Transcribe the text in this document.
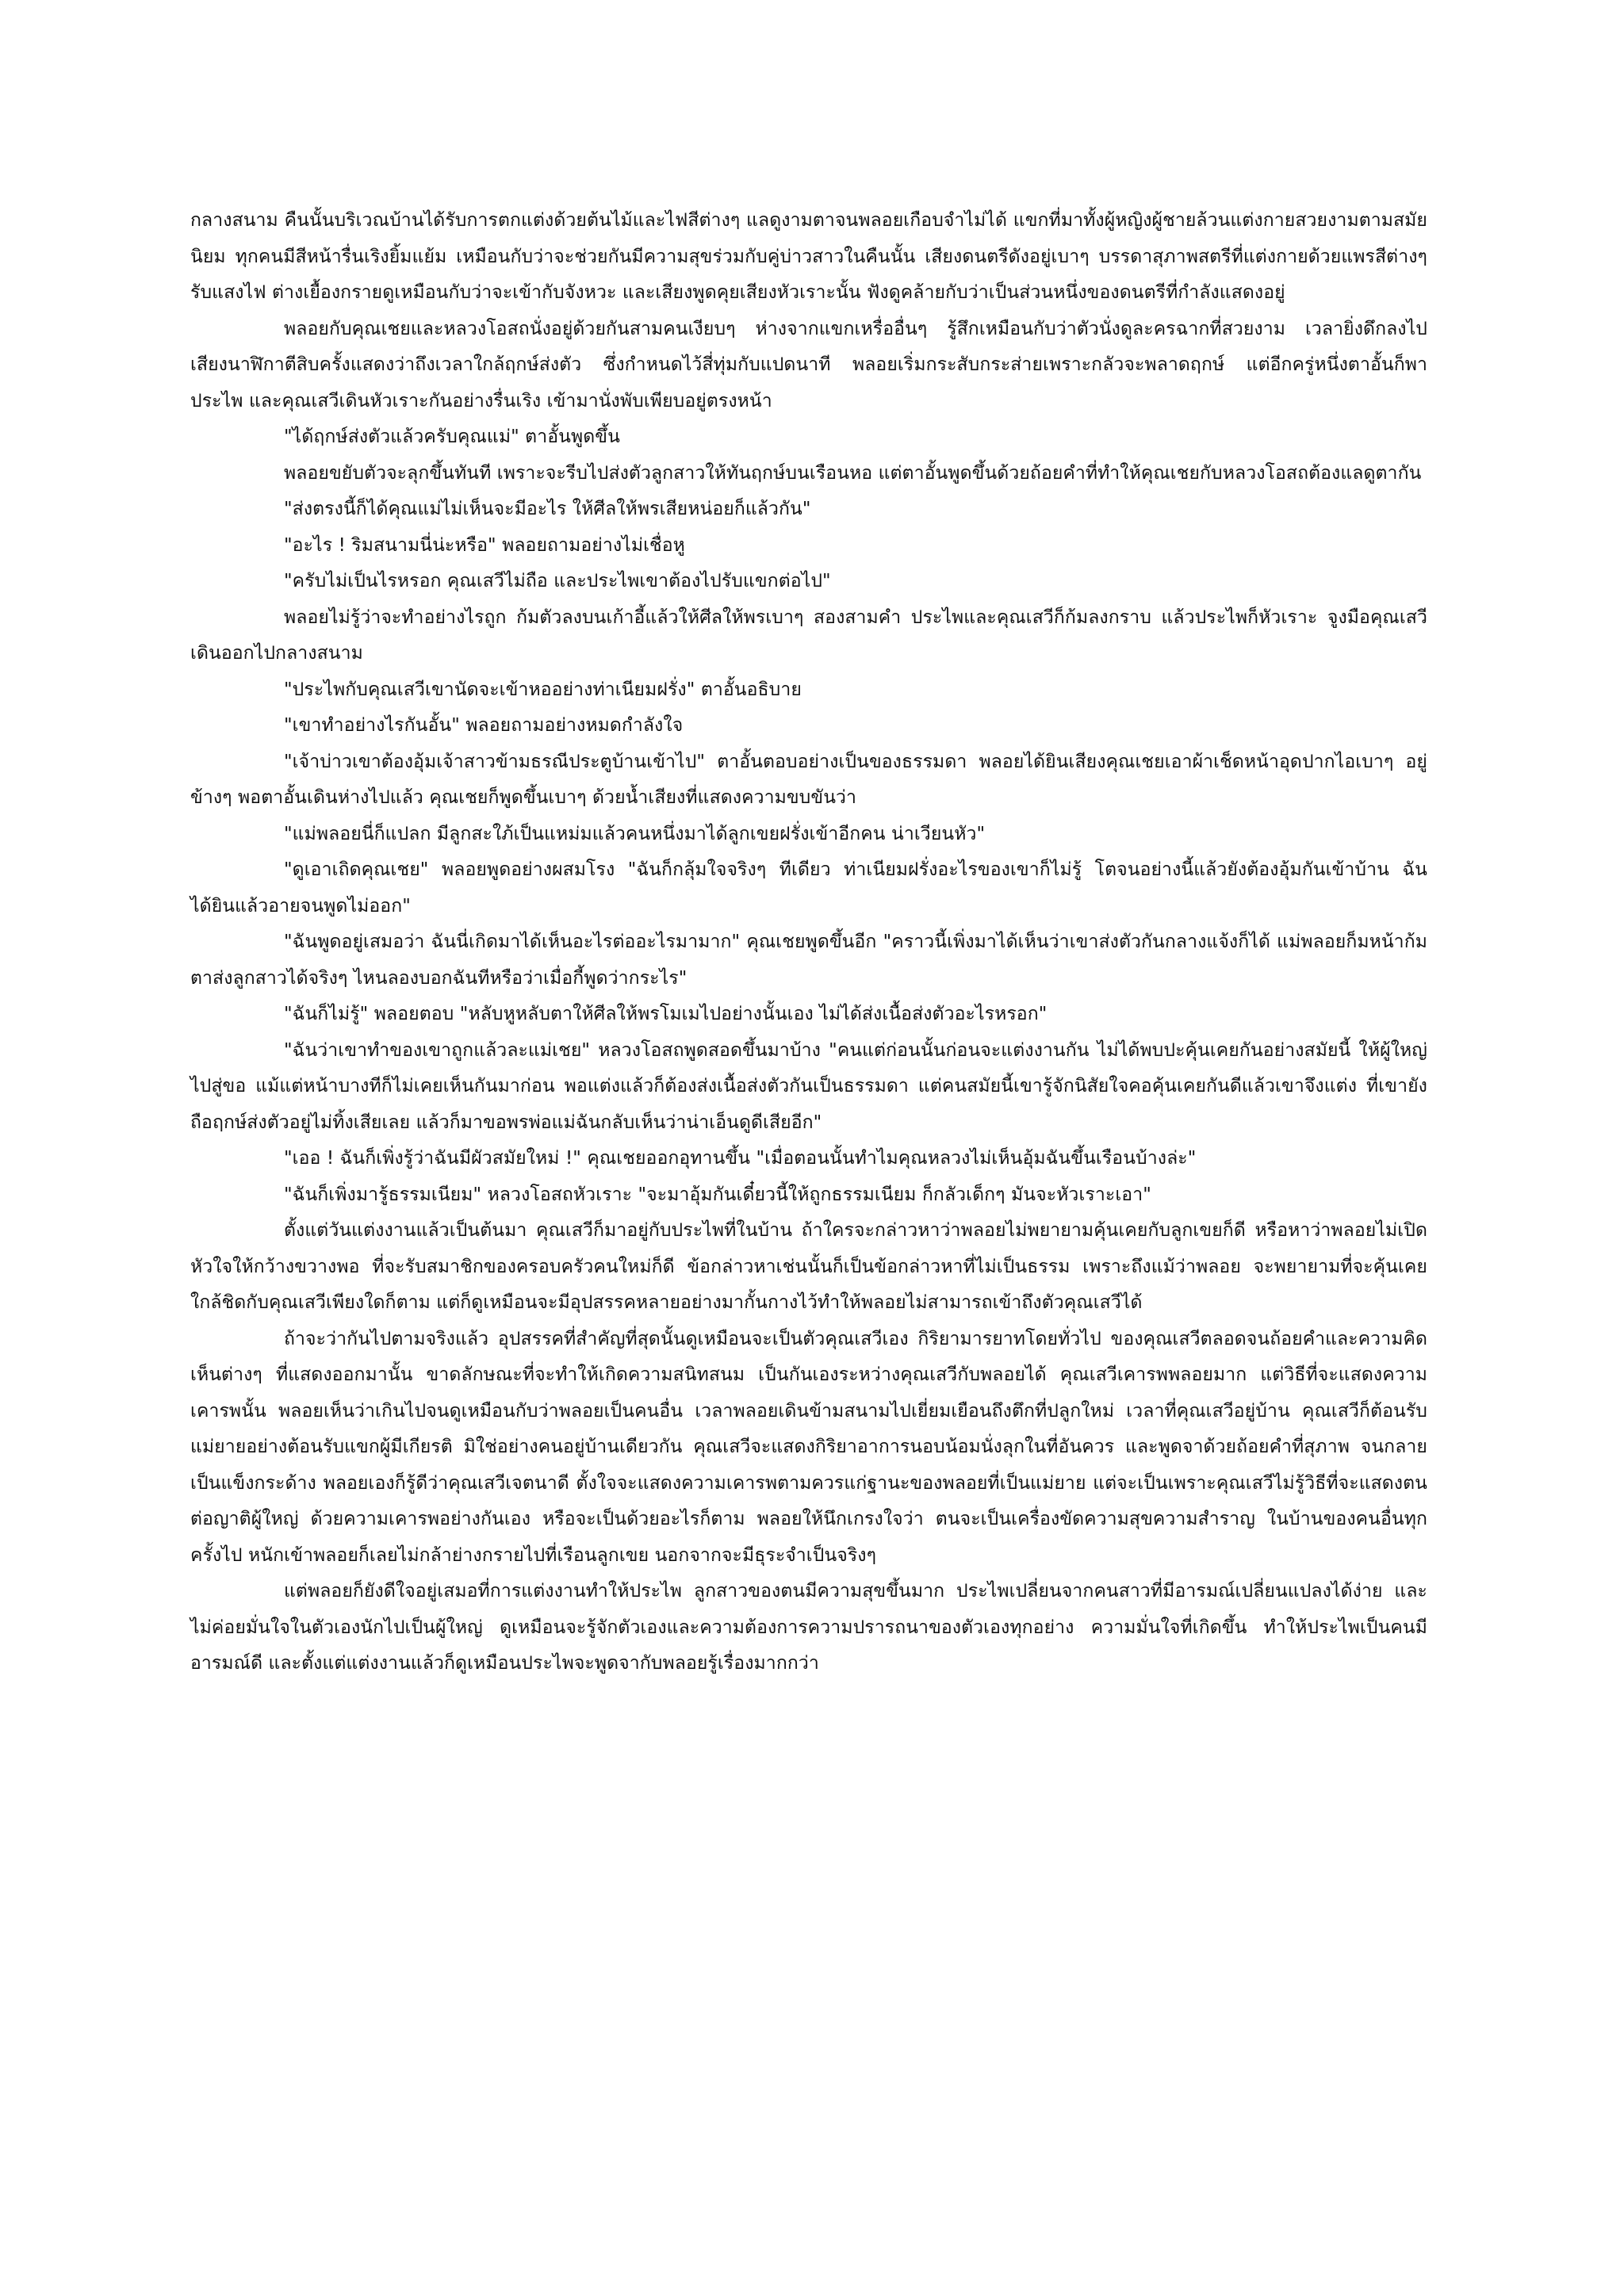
กลางสนาม คืนนั้นบริเวณบ้านได้รับการตกแต่งด้วยต้นไม้และไฟสีต่างๆ แลดูงามตาจนพลอยเกือบจำไม่ได้ แขกที่มาทั้งผู้หญิงผู้ชายล้วนแต่งกายสวยงามตามสมัยนิยม ทุกคนมีสีหน้ารื่นเริงยิ้มแย้ม เหมือนกับว่าจะช่วยกันมีความสุขร่วมกับคู่บ่าวสาวในคืนนั้น เสียงดนตรีดังอยู่เบาๆ บรรดาสุภาพสตรีที่แต่งกายด้วยแพรสีต่างๆ รับแสงไฟ ต่างเยื้องกรายดูเหมือนกับว่าจะเข้ากับจังหวะ และเสียงพูดคุยเสียงหัวเราะนั้น ฟังดูคล้ายกับว่าเป็นส่วนหนึ่งของดนตรีที่กำลังแสดงอยู่

พลอยกับคุณเชยและหลวงโอสถนั่งอยู่ด้วยกันสามคนเงียบๆ ห่างจากแขกเหรื่ออื่นๆ รู้สึกเหมือนกับว่าตัวนั่งดูละครฉากที่สวยงาม เวลายิ่งดึกลงไป เสียงนาฬิกาตีสิบครั้งแสดงว่าถึงเวลาใกล้ฤกษ์ส่งตัว ซึ่งกำหนดไว้สี่ทุ่มกับแปดนาที พลอยเริ่มกระสับกระส่ายเพราะกลัวจะพลาดฤกษ์ แต่อีกครู่หนึ่งตาอั้นก็พาประไพ และคุณเสวีเดินหัวเราะกันอย่างรื่นเริง เข้ามานั่งพับเพียบอยู่ตรงหน้า

"ได้ฤกษ์ส่งตัวแล้วครับคุณแม่" ตาอั้นพูดขึ้น

พลอยขยับตัวจะลุกขึ้นทันที เพราะจะรีบไปส่งตัวลูกสาวให้ทันฤกษ์บนเรือนหอ แต่ตาอั้นพูดขึ้นด้วยถ้อยคำที่ทำให้คุณเชยกับหลวงโอสถต้องแลดูตากัน

"ส่งตรงนี้ก็ได้คุณแม่ไม่เห็นจะมีอะไร ให้ศีลให้พรเสียหน่อยก็แล้วกัน"

"อะไร ! ริมสนามนี่น่ะหรือ" พลอยถามอย่างไม่เชื่อหู

"ครับไม่เป็นไรหรอก คุณเสวีไม่ถือ และประไพเขาต้องไปรับแขกต่อไป"

พลอยไม่รู้ว่าจะทำอย่างไรถูก ก้มตัวลงบนเก้าอี้แล้วให้ศีลให้พรเบาๆ สองสามคำ ประไพและคุณเสวีก็ก้มลงกราบ แล้วประไพก็หัวเราะ จูงมือคุณเสวีเดินออกไปกลางสนาม

"ประไพกับคุณเสวีเขานัดจะเข้าหออย่างท่าเนียมฝรั่ง" ตาอั้นอธิบาย

"เขาทำอย่างไรกันอั้น" พลอยถามอย่างหมดกำลังใจ

"เจ้าบ่าวเขาต้องอุ้มเจ้าสาวข้ามธรณีประตูบ้านเข้าไป" ตาอั้นตอบอย่างเป็นของธรรมดา พลอยได้ยินเสียงคุณเชยเอาผ้าเช็ดหน้าอุดปากไอเบาๆ อยู่ข้างๆ พอตาอั้นเดินห่างไปแล้ว คุณเชยก็พูดขึ้นเบาๆ ด้วยน้ำเสียงที่แสดงความขบขันว่า

"แม่พลอยนี่ก็แปลก มีลูกสะใภ้เป็นแหม่มแล้วคนหนึ่งมาได้ลูกเขยฝรั่งเข้าอีกคน น่าเวียนหัว"

"ดูเอาเถิดคุณเชย" พลอยพูดอย่างผสมโรง "ฉันก็กลุ้มใจจริงๆ ทีเดียว ท่าเนียมฝรั่งอะไรของเขาก็ไม่รู้ โตจนอย่างนี้แล้วยังต้องอุ้มกันเข้าบ้าน ฉันได้ยินแล้วอายจนพูดไม่ออก"

"ฉันพูดอยู่เสมอว่า ฉันนี่เกิดมาได้เห็นอะไรต่ออะไรมามาก" คุณเชยพูดขึ้นอีก "คราวนี้เพิ่งมาได้เห็นว่าเขาส่งตัวกันกลางแจ้งก็ได้ แม่พลอยก็มหน้าก้มตาส่งลูกสาวได้จริงๆ ไหนลองบอกฉันทีหรือว่าเมื่อกี้พูดว่ากระไร"

"ฉันก็ไม่รู้" พลอยตอบ "หลับหูหลับตาให้ศีลให้พรโมเมไปอย่างนั้นเอง ไม่ได้ส่งเนื้อส่งตัวอะไรหรอก"

"ฉันว่าเขาทำของเขาถูกแล้วละแม่เชย" หลวงโอสถพูดสอดขึ้นมาบ้าง "คนแต่ก่อนนั้นก่อนจะแต่งงานกัน ไม่ได้พบปะคุ้นเคยกันอย่างสมัยนี้ ให้ผู้ใหญ่ไปสู่ขอ แม้แต่หน้าบางทีก็ไม่เคยเห็นกันมาก่อน พอแต่งแล้วก็ต้องส่งเนื้อส่งตัวกันเป็นธรรมดา แต่คนสมัยนี้เขารู้จักนิสัยใจคอคุ้นเคยกันดีแล้วเขาจึงแต่ง ที่เขายังถือฤกษ์ส่งตัวอยู่ไม่ทิ้งเสียเลย แล้วก็มาขอพรพ่อแม่ฉันกลับเห็นว่าน่าเอ็นดูดีเสียอีก"

"เออ ! ฉันก็เพิ่งรู้ว่าฉันมีผัวสมัยใหม่ !" คุณเชยออกอุทานขึ้น "เมื่อตอนนั้นทำไมคุณหลวงไม่เห็นอุ้มฉันขึ้นเรือนบ้างล่ะ"

"ฉันก็เพิ่งมารู้ธรรมเนียม" หลวงโอสถหัวเราะ "จะมาอุ้มกันเดี๋ยวนี้ให้ถูกธรรมเนียม ก็กลัวเด็กๆ มันจะหัวเราะเอา"

ตั้งแต่วันแต่งงานแล้วเป็นต้นมา คุณเสวีก็มาอยู่กับประไพที่ในบ้าน ถ้าใครจะกล่าวหาว่าพลอยไม่พยายามคุ้นเคยกับลูกเขยก็ดี หรือหาว่าพลอยไม่เปิดหัวใจให้กว้างขวางพอ ที่จะรับสมาชิกของครอบครัวคนใหม่ก็ดี ข้อกล่าวหาเช่นนั้นก็เป็นข้อกล่าวหาที่ไม่เป็นธรรม เพราะถึงแม้ว่าพลอย จะพยายามที่จะคุ้นเคยใกล้ชิดกับคุณเสวีเพียงใดก็ตาม แต่ก็ดูเหมือนจะมีอุปสรรคหลายอย่างมากั้นกางไว้ทำให้พลอยไม่สามารถเข้าถึงตัวคุณเสวีได้

ถ้าจะว่ากันไปตามจริงแล้ว อุปสรรคที่สำคัญที่สุดนั้นดูเหมือนจะเป็นตัวคุณเสวีเอง กิริยามารยาทโดยทั่วไป ของคุณเสวีตลอดจนถ้อยคำและความคิดเห็นต่างๆ ที่แสดงออกมานั้น ขาดลักษณะที่จะทำให้เกิดความสนิทสนม เป็นกันเองระหว่างคุณเสวีกับพลอยได้ คุณเสวีเคารพพลอยมาก แต่วิธีที่จะแสดงความเคารพนั้น พลอยเห็นว่าเกินไปจนดูเหมือนกับว่าพลอยเป็นคนอื่น เวลาพลอยเดินข้ามสนามไปเยี่ยมเยือนถึงตึกที่ปลูกใหม่ เวลาที่คุณเสวีอยู่บ้าน คุณเสวีก็ต้อนรับแม่ยายอย่างต้อนรับแขกผู้มีเกียรติ มิใช่อย่างคนอยู่บ้านเดียวกัน คุณเสวีจะแสดงกิริยาอาการนอบน้อมนั่งลุกในที่อันควร และพูดจาด้วยถ้อยคำที่สุภาพ จนกลายเป็นแข็งกระด้าง พลอยเองก็รู้ดีว่าคุณเสวีเจตนาดี ตั้งใจจะแสดงความเคารพตามควรแก่ฐานะของพลอยที่เป็นแม่ยาย แต่จะเป็นเพราะคุณเสวีไม่รู้วิธีที่จะแสดงตนต่อญาติผู้ใหญ่ ด้วยความเคารพอย่างกันเอง หรือจะเป็นด้วยอะไรก็ตาม พลอยให้นึกเกรงใจว่า ตนจะเป็นเครื่องขัดความสุขความสำราญ ในบ้านของคนอื่นทุกครั้งไป หนักเข้าพลอยก็เลยไม่กล้าย่างกรายไปที่เรือนลูกเขย นอกจากจะมีธุระจำเป็นจริงๆ

แต่พลอยก็ยังดีใจอยู่เสมอที่การแต่งงานทำให้ประไพ ลูกสาวของตนมีความสุขขึ้นมาก ประไพเปลี่ยนจากคนสาวที่มีอารมณ์เปลี่ยนแปลงได้ง่าย และไม่ค่อยมั่นใจในตัวเองนักไปเป็นผู้ใหญ่ ดูเหมือนจะรู้จักตัวเองและความต้องการความปรารถนาของตัวเองทุกอย่าง ความมั่นใจที่เกิดขึ้น ทำให้ประไพเป็นคนมีอารมณ์ดี และตั้งแต่แต่งงานแล้วก็ดูเหมือนประไพจะพูดจากับพลอยรู้เรื่องมากกว่า
